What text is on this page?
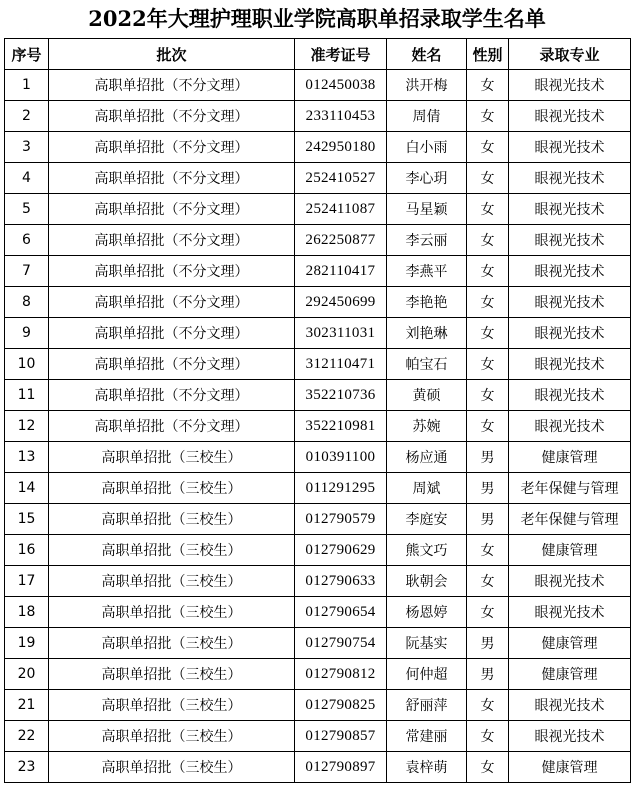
2022年大理护理职业学院高职单招录取学生名单
序号	批次	准考证号	姓名	性别	录取专业
1	高职单招批（不分文理）	012450038	洪开梅	女	眼视光技术
2	高职单招批（不分文理）	233110453	周倩	女	眼视光技术
3	高职单招批（不分文理）	242950180	白小雨	女	眼视光技术
4	高职单招批（不分文理）	252410527	李心玥	女	眼视光技术
5	高职单招批（不分文理）	252411087	马星颖	女	眼视光技术
6	高职单招批（不分文理）	262250877	李云丽	女	眼视光技术
7	高职单招批（不分文理）	282110417	李燕平	女	眼视光技术
8	高职单招批（不分文理）	292450699	李艳艳	女	眼视光技术
9	高职单招批（不分文理）	302311031	刘艳琳	女	眼视光技术
10	高职单招批（不分文理）	312110471	帕宝石	女	眼视光技术
11	高职单招批（不分文理）	352210736	黄硕	女	眼视光技术
12	高职单招批（不分文理）	352210981	苏婉	女	眼视光技术
13	高职单招批（三校生）	010391100	杨应通	男	健康管理
14	高职单招批（三校生）	011291295	周斌	男	老年保健与管理
15	高职单招批（三校生）	012790579	李庭安	男	老年保健与管理
16	高职单招批（三校生）	012790629	熊文巧	女	健康管理
17	高职单招批（三校生）	012790633	耿朝会	女	眼视光技术
18	高职单招批（三校生）	012790654	杨恩婷	女	眼视光技术
19	高职单招批（三校生）	012790754	阮基实	男	健康管理
20	高职单招批（三校生）	012790812	何仲超	男	健康管理
21	高职单招批（三校生）	012790825	舒丽萍	女	眼视光技术
22	高职单招批（三校生）	012790857	常建丽	女	眼视光技术
23	高职单招批（三校生）	012790897	袁梓萌	女	健康管理
